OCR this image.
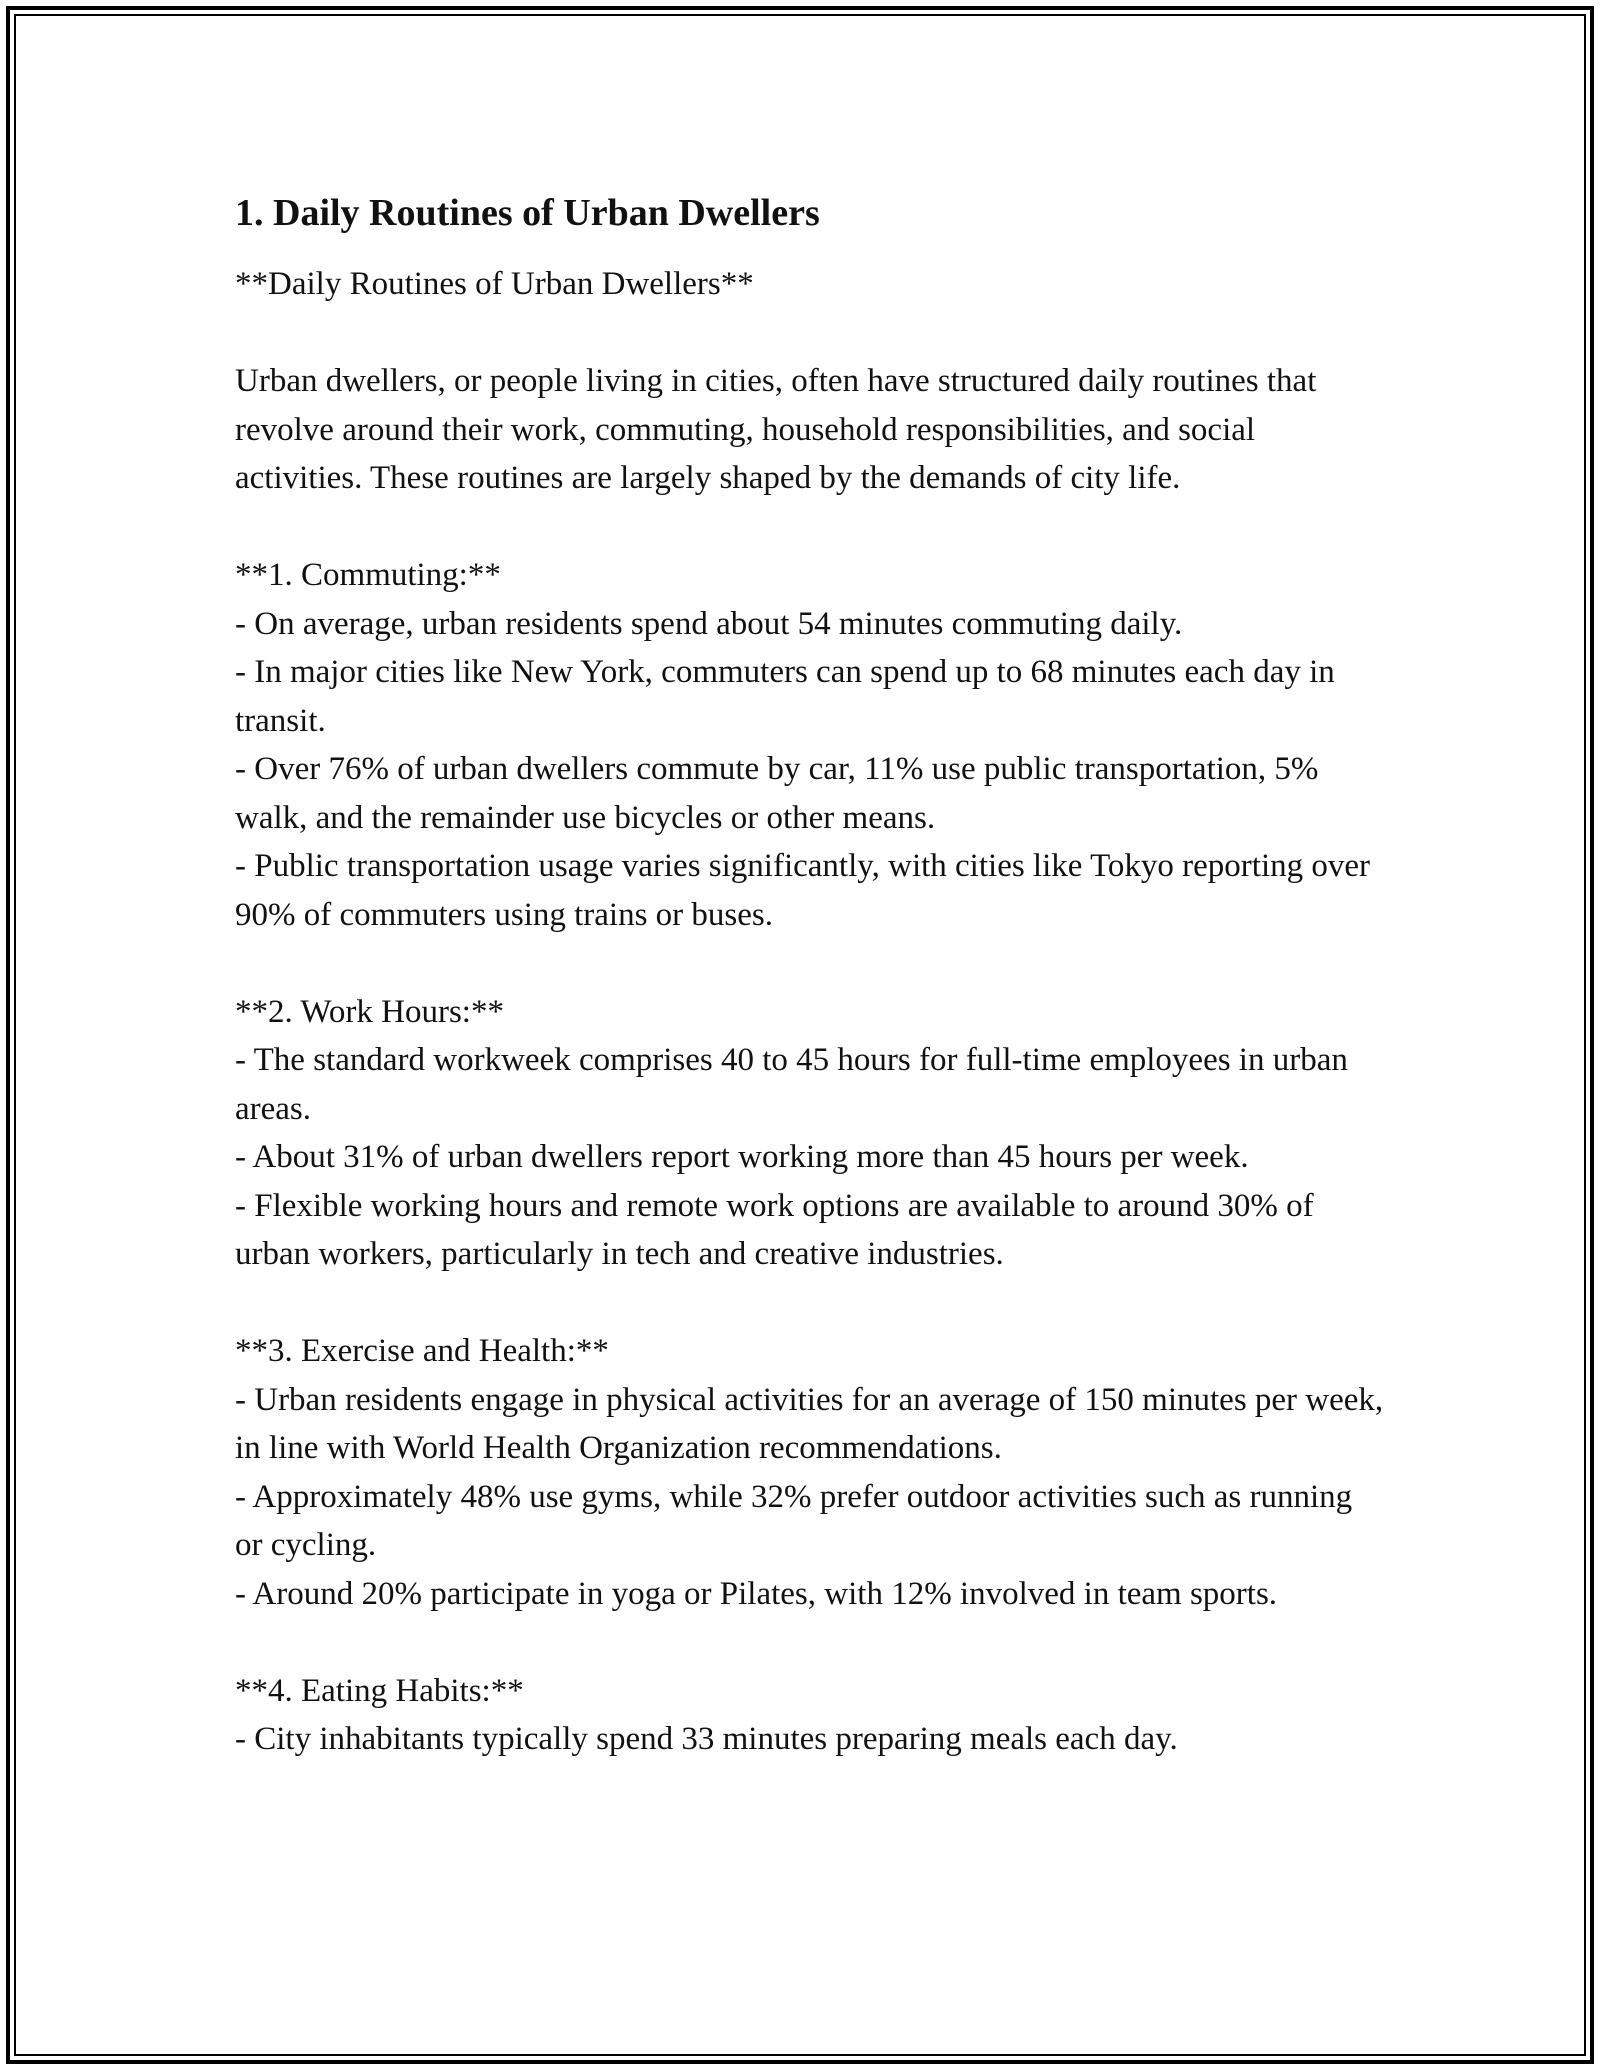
1. Daily Routines of Urban Dwellers

**Daily Routines of Urban Dwellers**

Urban dwellers, or people living in cities, often have structured daily routines that revolve around their work, commuting, household responsibilities, and social activities. These routines are largely shaped by the demands of city life.

**1. Commuting:**

- On average, urban residents spend about 54 minutes commuting daily.

- In major cities like New York, commuters can spend up to 68 minutes each day in transit.

- Over 76% of urban dwellers commute by car, 11% use public transportation, 5% walk, and the remainder use bicycles or other means.

- Public transportation usage varies significantly, with cities like Tokyo reporting over 90% of commuters using trains or buses.

**2. Work Hours:**

- The standard workweek comprises 40 to 45 hours for full-time employees in urban areas.

- About 31% of urban dwellers report working more than 45 hours per week.

- Flexible working hours and remote work options are available to around 30% of urban workers, particularly in tech and creative industries.

**3. Exercise and Health:**

- Urban residents engage in physical activities for an average of 150 minutes per week, in line with World Health Organization recommendations.

- Approximately 48% use gyms, while 32% prefer outdoor activities such as running or cycling.

- Around 20% participate in yoga or Pilates, with 12% involved in team sports.

**4. Eating Habits:**

- City inhabitants typically spend 33 minutes preparing meals each day.
